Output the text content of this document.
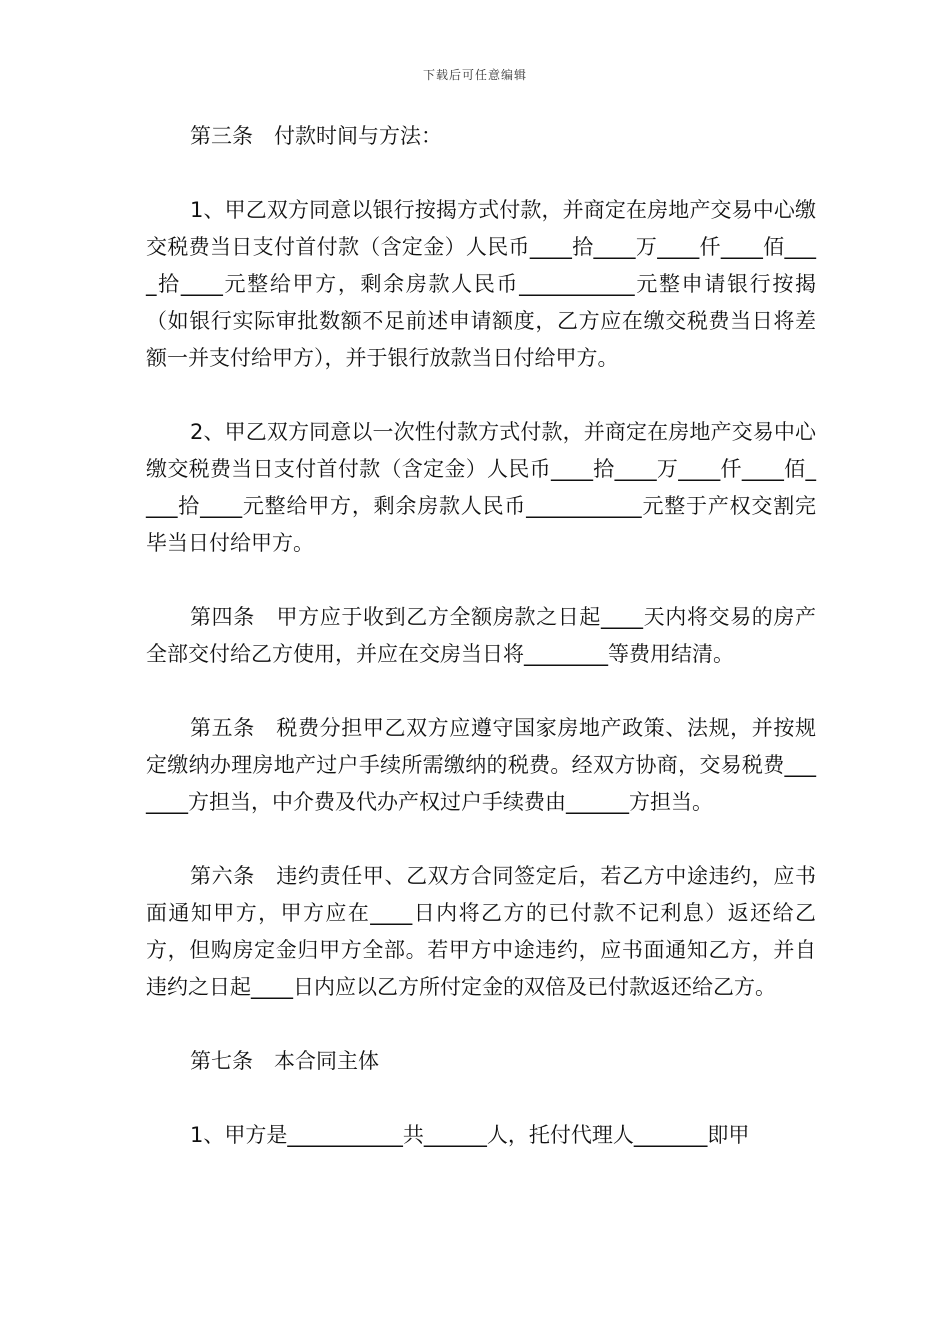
下载后可任意编辑

第三条　付款时间与方法：

1、甲乙双方同意以银行按揭方式付款，并商定在房地产交易中心缴交税费当日支付首付款（含定金）人民币____拾____万____仟____佰____拾____元整给甲方，剩余房款人民币___________元整申请银行按揭（如银行实际审批数额不足前述申请额度，乙方应在缴交税费当日将差额一并支付给甲方），并于银行放款当日付给甲方。

2、甲乙双方同意以一次性付款方式付款，并商定在房地产交易中心缴交税费当日支付首付款（含定金）人民币____拾____万____仟____佰____拾____元整给甲方，剩余房款人民币___________元整于产权交割完毕当日付给甲方。

第四条　甲方应于收到乙方全额房款之日起____天内将交易的房产全部交付给乙方使用，并应在交房当日将________等费用结清。

第五条　税费分担甲乙双方应遵守国家房地产政策、法规，并按规定缴纳办理房地产过户手续所需缴纳的税费。经双方协商，交易税费_______方担当，中介费及代办产权过户手续费由______方担当。

第六条　违约责任甲、乙双方合同签定后，若乙方中途违约，应书面通知甲方，甲方应在____日内将乙方的已付款不记利息）返还给乙方，但购房定金归甲方全部。若甲方中途违约，应书面通知乙方，并自违约之日起____日内应以乙方所付定金的双倍及已付款返还给乙方。

第七条　本合同主体

1、甲方是___________共______人，托付代理人_______即甲
